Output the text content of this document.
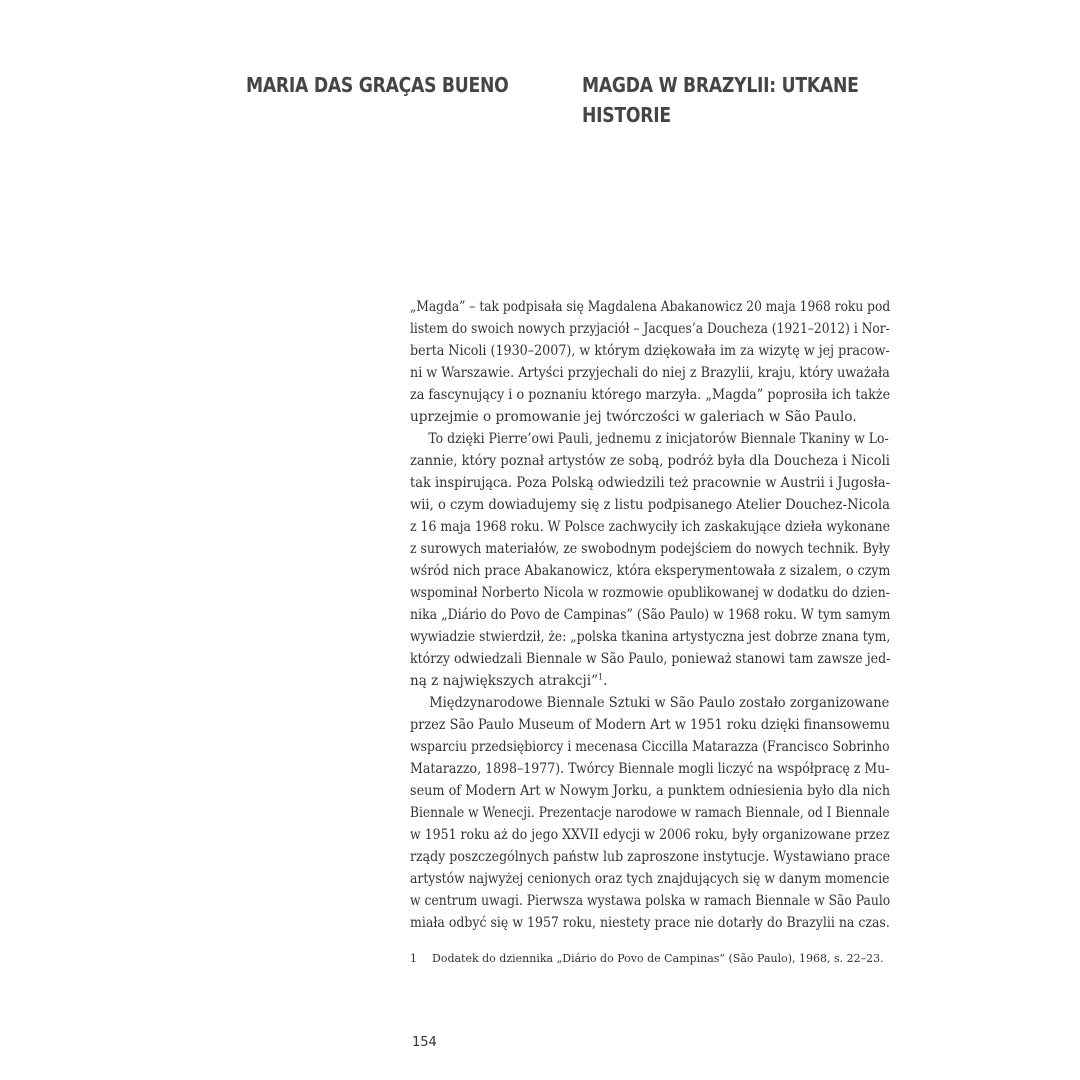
MARIA DAS GRAÇAS BUENO	MAGDA W BRAZYLII: UTKANE
HISTORIE
„Magda” – tak podpisała się Magdalena Abakanowicz 20 maja 1968 roku pod
listem do swoich nowych przyjaciół – Jacques’a Doucheza (1921–2012) i Nor-
berta Nicoli (1930–2007), w którym dziękowała im za wizytę w jej pracow-
ni w Warszawie. Artyści przyjechali do niej z Brazylii, kraju, który uważała
za fascynujący i o poznaniu którego marzyła. „Magda” poprosiła ich także
uprzejmie o promowanie jej twórczości w galeriach w São Paulo.
To dzięki Pierre’owi Pauli, jednemu z inicjatorów Biennale Tkaniny w Lo-
zannie, który poznał artystów ze sobą, podróż była dla Doucheza i Nicoli
tak inspirująca. Poza Polską odwiedzili też pracownie w Austrii i Jugosła-
wii, o czym dowiadujemy się z listu podpisanego Atelier Douchez-Nicola
z 16 maja 1968 roku. W Polsce zachwyciły ich zaskakujące dzieła wykonane
z surowych materiałów, ze swobodnym podejściem do nowych technik. Były
wśród nich prace Abakanowicz, która eksperymentowała z sizalem, o czym
wspominał Norberto Nicola w rozmowie opublikowanej w dodatku do dzien-
nika „Diário do Povo de Campinas” (São Paulo) w 1968 roku. W tym samym
wywiadzie stwierdził, że: „polska tkanina artystyczna jest dobrze znana tym,
którzy odwiedzali Biennale w São Paulo, ponieważ stanowi tam zawsze jed-
ną z największych atrakcji”$^1$.
Międzynarodowe Biennale Sztuki w São Paulo zostało zorganizowane
przez São Paulo Museum of Modern Art w 1951 roku dzięki finansowemu
wsparciu przedsiębiorcy i mecenasa Ciccilla Matarazza (Francisco Sobrinho
Matarazzo, 1898–1977). Twórcy Biennale mogli liczyć na współpracę z Mu-
seum of Modern Art w Nowym Jorku, a punktem odniesienia było dla nich
Biennale w Wenecji. Prezentacje narodowe w ramach Biennale, od I Biennale
w 1951 roku aż do jego XXVII edycji w 2006 roku, były organizowane przez
rządy poszczególnych państw lub zaproszone instytucje. Wystawiano prace
artystów najwyżej cenionych oraz tych znajdujących się w danym momencie
w centrum uwagi. Pierwsza wystawa polska w ramach Biennale w São Paulo
miała odbyć się w 1957 roku, niestety prace nie dotarły do Brazylii na czas.
1 Dodatek do dziennika „Diário do Povo de Campinas” (São Paulo), 1968, s. 22–23.
154
